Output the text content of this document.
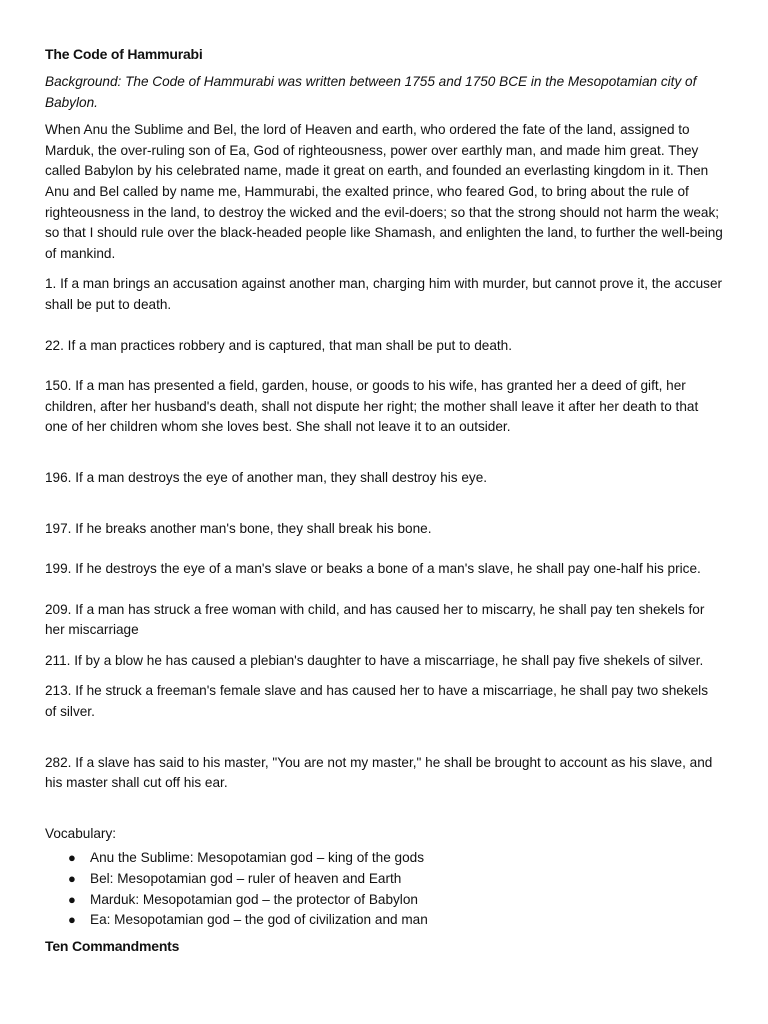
The Code of Hammurabi

Background: The Code of Hammurabi was written between 1755 and 1750 BCE in the Mesopotamian city of Babylon.

When Anu the Sublime and Bel, the lord of Heaven and earth, who ordered the fate of the land, assigned to Marduk, the over-ruling son of Ea, God of righteousness, power over earthly man, and made him great. They called Babylon by his celebrated name, made it great on earth, and founded an everlasting kingdom in it. Then Anu and Bel called by name me, Hammurabi, the exalted prince, who feared God, to bring about the rule of righteousness in the land, to destroy the wicked and the evil-doers; so that the strong should not harm the weak; so that I should rule over the black-headed people like Shamash, and enlighten the land, to further the well-being of mankind.

1. If a man brings an accusation against another man, charging him with murder, but cannot prove it, the accuser shall be put to death.

22. If a man practices robbery and is captured, that man shall be put to death.

150. If a man has presented a field, garden, house, or goods to his wife, has granted her a deed of gift, her children, after her husband's death, shall not dispute her right; the mother shall leave it after her death to that one of her children whom she loves best. She shall not leave it to an outsider.

196. If a man destroys the eye of another man, they shall destroy his eye.

197. If he breaks another man's bone, they shall break his bone.

199. If he destroys the eye of a man's slave or beaks a bone of a man's slave, he shall pay one-half his price.

209. If a man has struck a free woman with child, and has caused her to miscarry, he shall pay ten shekels for her miscarriage

211. If by a blow he has caused a plebian's daughter to have a miscarriage, he shall pay five shekels of silver.

213. If he struck a freeman's female slave and has caused her to have a miscarriage, he shall pay two shekels of silver.

282. If a slave has said to his master, "You are not my master," he shall be brought to account as his slave, and his master shall cut off his ear.

Vocabulary:

● Anu the Sublime: Mesopotamian god – king of the gods
● Bel: Mesopotamian god – ruler of heaven and Earth
● Marduk: Mesopotamian god – the protector of Babylon
● Ea: Mesopotamian god – the god of civilization and man
Ten Commandments
